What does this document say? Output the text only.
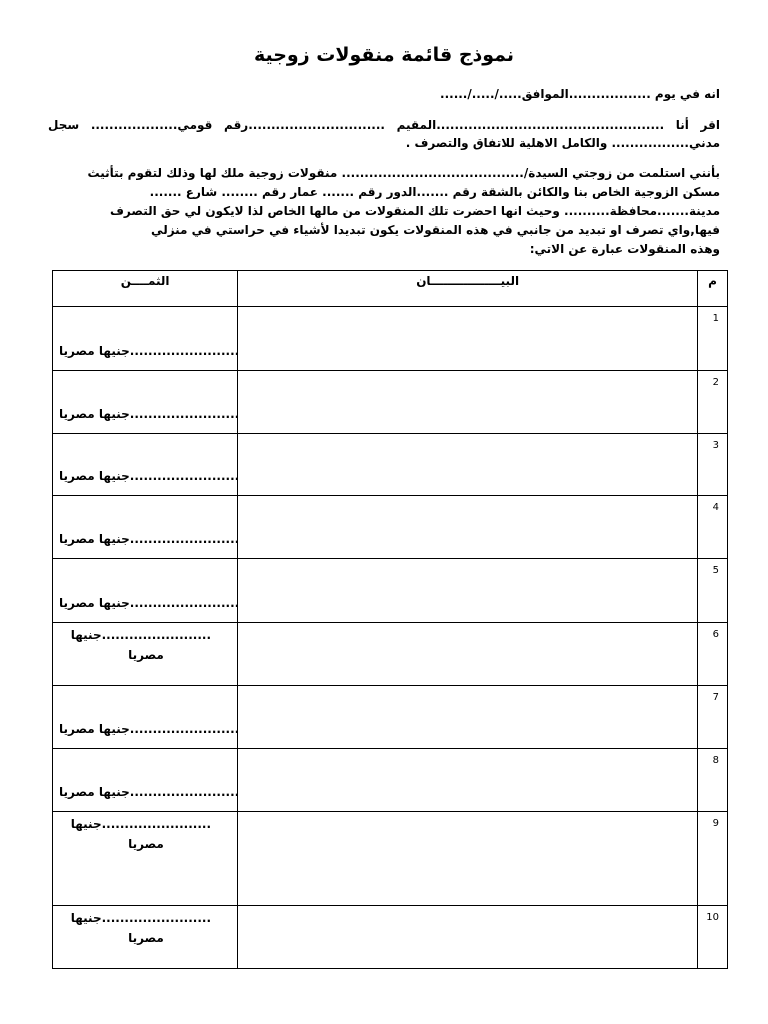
نموذج قائمة منقولات زوجية
انه في يوم ..................الموافق...../...../......
اقر أنا ..................................................المقيم ..............................رقم قومي................... سجل
مدني................. والكامل الاهلية للاتفاق والتصرف .
بأنني استلمت من زوجتي السيدة/........................................ منقولات زوجية ملك لها وذلك لتقوم بتأثيث
مسكن الزوجية الخاص بنا والكائن بالشقة رقم .......الدور رقم ....... عمار رقم ........ شارع .......
مدينة.......محافظة.......... وحيث انها احضرت تلك المنقولات من مالها الخاص لذا لايكون لي حق التصرف
فيها,واي تصرف او تبديد من جانبي في هذه المنقولات يكون تبديدا لأشياء في حراستي في منزلي
وهذه المنقولات عبارة عن الاتي:
م	البيـــــــــــــــــان	الثمــــن

1		........................جنيها مصريا

2		........................جنيها مصريا

3		........................جنيها مصريا

4		........................جنيها مصريا

5		........................جنيها مصريا

6		........................جنيها مصريا

7		........................جنيها مصريا

8		........................جنيها مصريا

9		........................جنيها مصريا

10		........................جنيها مصريا
